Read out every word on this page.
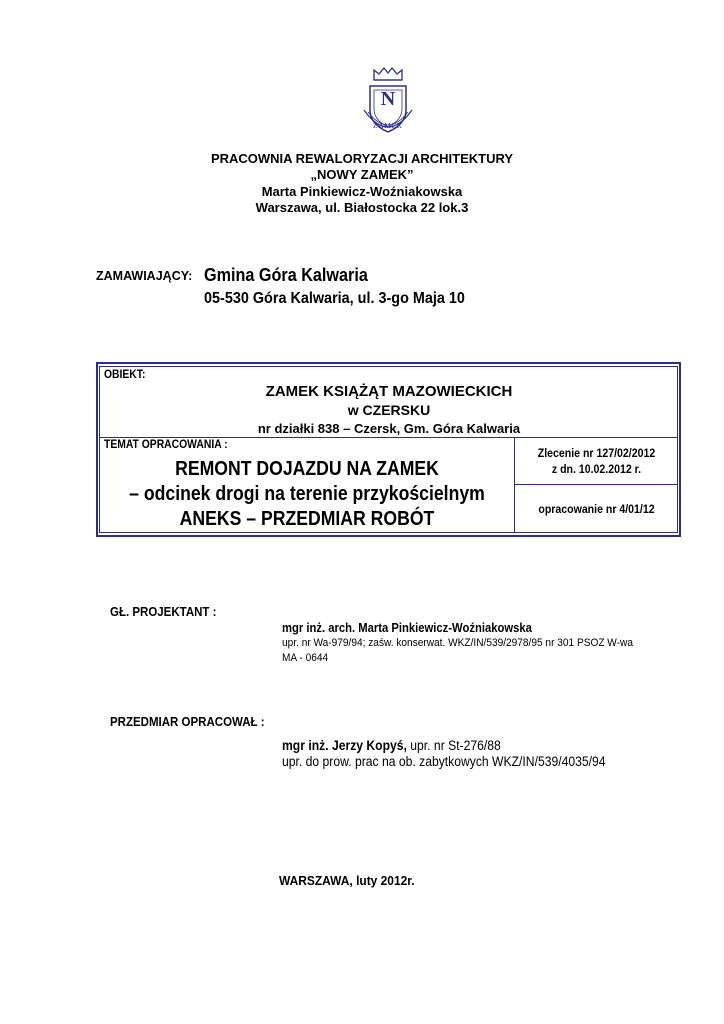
N
ZAMEK
PRACOWNIA REWALORYZACJI ARCHITEKTURY
„NOWY ZAMEK”
Marta Pinkiewicz-Woźniakowska
Warszawa, ul. Białostocka 22 lok.3
ZAMAWIAJĄCY: Gmina Góra Kalwaria
05-530 Góra Kalwaria, ul. 3-go Maja 10
OBIEKT:
ZAMEK KSIĄŻĄT MAZOWIECKICH
w CZERSKU
nr działki 838 – Czersk, Gm. Góra Kalwaria
TEMAT OPRACOWANIA :
REMONT DOJAZDU NA ZAMEK
– odcinek drogi na terenie przykościelnym
ANEKS – PRZEDMIAR ROBÓT
Zlecenie nr 127/02/2012
z dn. 10.02.2012 r.
opracowanie nr 4/01/12
GŁ. PROJEKTANT :
mgr inż. arch. Marta Pinkiewicz-Woźniakowska
upr. nr Wa-979/94; zaśw. konserwat. WKZ/IN/539/2978/95 nr 301 PSOZ W-wa
MA - 0644
PRZEDMIAR OPRACOWAŁ :
mgr inż. Jerzy Kopyś, upr. nr St-276/88
upr. do prow. prac na ob. zabytkowych WKZ/IN/539/4035/94
WARSZAWA, luty 2012r.
